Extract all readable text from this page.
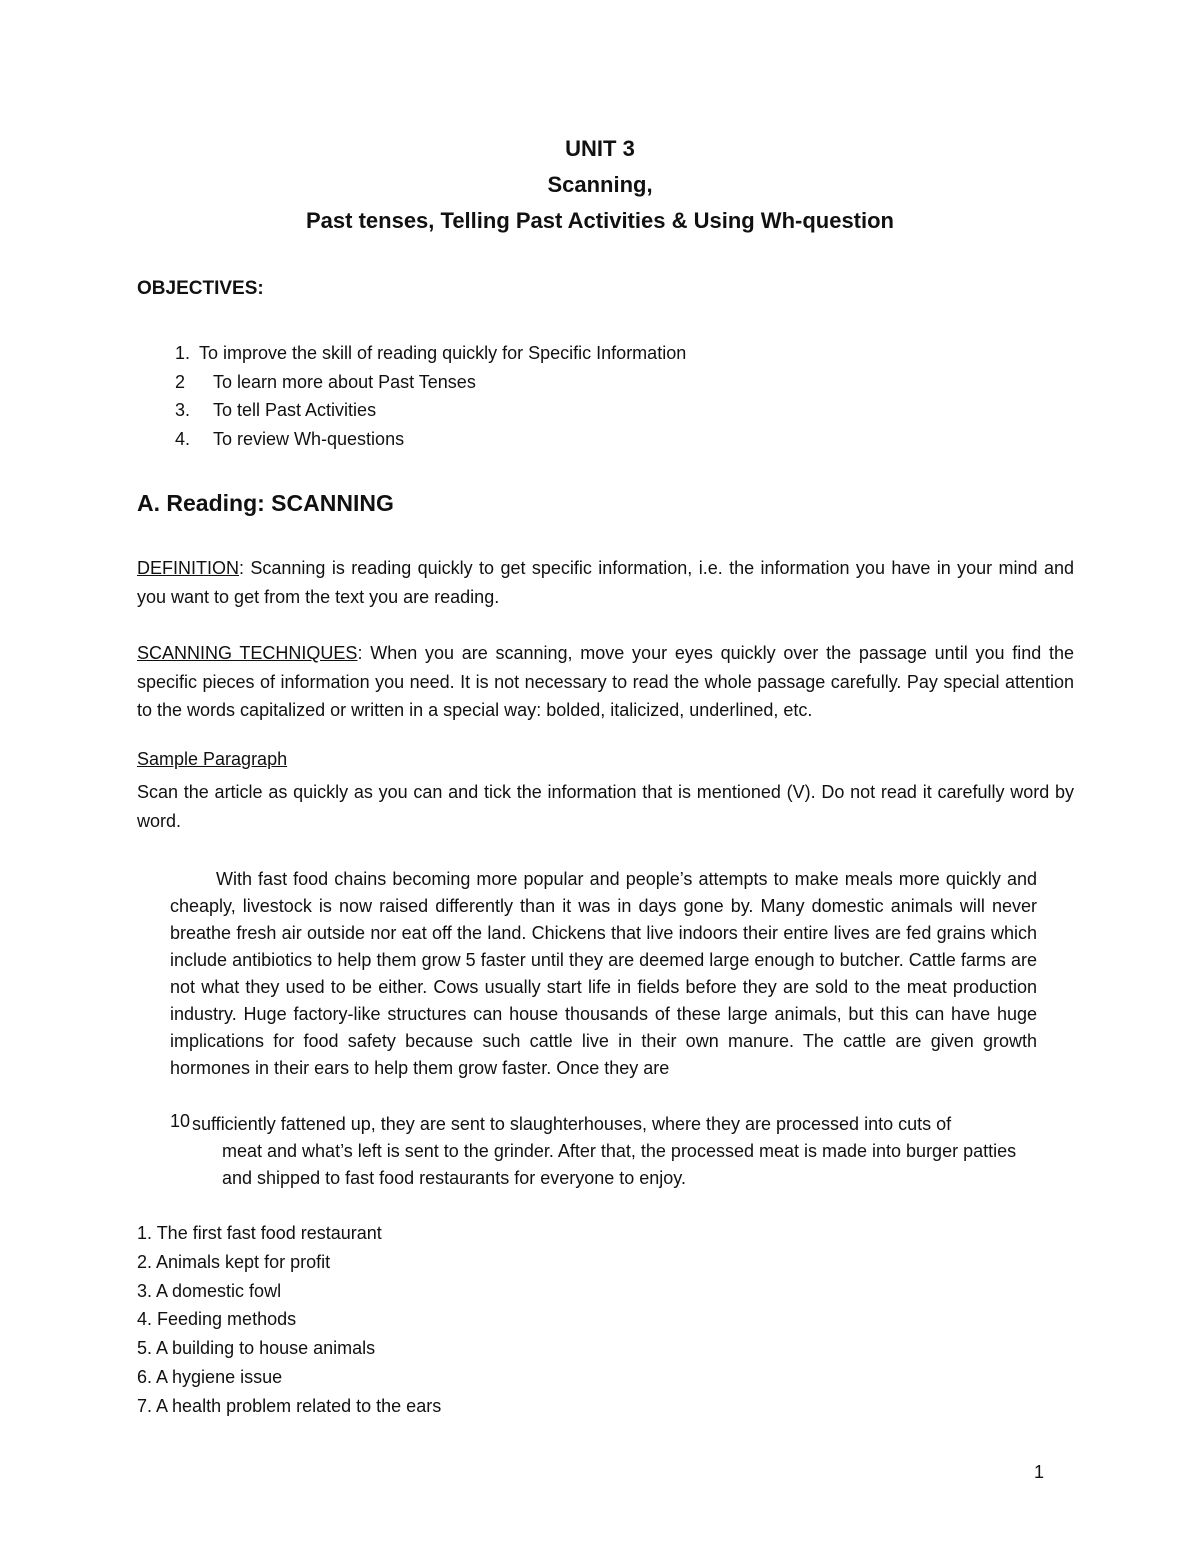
UNIT 3
Scanning,
Past tenses, Telling Past Activities & Using Wh-question
OBJECTIVES:
1. To improve the skill of reading quickly for Specific Information
2 To learn more about Past Tenses
3. To tell Past Activities
4. To review Wh-questions
A. Reading: SCANNING
DEFINITION: Scanning is reading quickly to get specific information, i.e. the information you have in your mind and you want to get from the text you are reading.
SCANNING TECHNIQUES: When you are scanning, move your eyes quickly over the passage until you find the specific pieces of information you need. It is not necessary to read the whole passage carefully. Pay special attention to the words capitalized or written in a special way: bolded, italicized, underlined, etc.
Sample Paragraph
Scan the article as quickly as you can and tick the information that is mentioned (V). Do not read it carefully word by word.
With fast food chains becoming more popular and people’s attempts to make meals more quickly and cheaply, livestock is now raised differently than it was in days gone by. Many domestic animals will never breathe fresh air outside nor eat off the land. Chickens that live indoors their entire lives are fed grains which include antibiotics to help them grow 5 faster until they are deemed large enough to butcher. Cattle farms are not what they used to be either. Cows usually start life in fields before they are sold to the meat production industry. Huge factory-like structures can house thousands of these large animals, but this can have huge implications for food safety because such cattle live in their own manure. The cattle are given growth hormones in their ears to help them grow faster. Once they are
10 sufficiently fattened up, they are sent to slaughterhouses, where they are processed into cuts of
meat and what’s left is sent to the grinder. After that, the processed meat is made into burger patties and shipped to fast food restaurants for everyone to enjoy.
1. The first fast food restaurant
2. Animals kept for profit
3. A domestic fowl
4. Feeding methods
5. A building to house animals
6. A hygiene issue
7. A health problem related to the ears
1
